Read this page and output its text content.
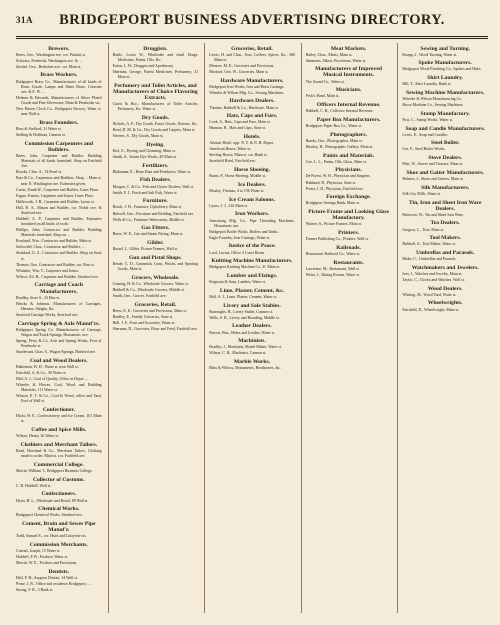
31A	BRIDGEPORT BUSINESS ADVERTISING DIRECTORY.
Brewers.
Beers, Geo., Washington ave. cor. Pulaski st.
Schwarz, Frederick, Washington ave. & ...
Strobel, Geo., Berkshire ave. cor. Main st.
Brass Workers.
Bridgeport Brass Co., Manufacturers of all kinds of Brass Goods, Lamps and Sheet Brass, Crescent ave. & E. W. ...
Holmes & Edwards, Manufacturers of Silver Plated Goods and Fine Silverware, Main & Pembroke sts.
New Haven Clock Co., Bridgeport Factory, Water st. near Wall st.
Brass Founders.
Boss & Stafford, 31 Water st.
Stelling & Hoffman, Cannon st.
Commission Carpenters and Builders.
Beers, John, Carpenter and Builder. Building Materials of all kinds furnished. Shop on Fairfield Ave.
Brooks, Chas. A., 14 Pearl st.
Burr & Co., Carpenters and Builders. Shop ... Main st. near N. Washington ave. Estimates given.
Curtis, Frank W., Carpenter and Builder, Lines Place.
Fagan, Francis, Carpenter and Joiner, Lines Place.
Hallsworth, J. B., Carpenter and Builder, Lyons st.
Hall, R. A., Mason and Builder, cor. Noble ave. & Stratford ave.
Hubbell, A. P., Carpenter and Builder, Estimates furnished on all kinds of work.
Phillips, John, Contractor and Builder. Building Materials furnished. Shop on ...
Rowland, Wm., Contractor and Builder, Main st.
Soltwedel, Chas., Contractor and Builder, ...
Stoddard, G. Z., Contractor and Builder, Shop on State st.
Thomas, Geo. Contractor and Builder, cor. Pine st.
Whitaker, Wm. T., Carpenter and Joiner.
Wilcox, Ed. H., Carpenter and Builder, Stratford ave.
Carriage and Coach Manufacturers.
Bradley, Jesse S., 23 Elm st.
Hincks & Johnson, Manufacturers of Carriages, Harness, Sleighs, &c.
Stratford Carriage Works, Stratford ave.
Carriage Spring & Axle Manuf'rs.
Bridgeport Spring Co. Manufacturers of Carriage, Wagon and Truck Springs, Housatonic ave.
Spring, Perry & Co. Axle and Spring Works, Foot of Pembroke st.
Sturdevant, Chas. S., Wagon Springs, Hartford ave.
Coal and Wood Dealers.
Blakeman, W. H., Water st. near Wall st.
Fairchild, A. & Co., 50 Water st.
Hall, A. J., Coal of Quality, Office at Depot ...
Wheeler & Howes, Coal, Wood and Building Materials, 111 Water st.
Winton, E. T. & Co., Coal & Wood, office and Yard, Foot of Wall st.
Confectioner.
Hicks, H. E., Confectionery and Ice Cream, 101 Main st.
Coffee and Spice Mills.
Wilson, Henry, 26 Water st.
Clothiers and Merchant Tailors.
Read, Howland & Co., Merchant Tailors, Clothing made to order. Main st. cor. Fairfield ave.
Commercial College.
Martin, William T., Bridgeport Business College.
Collector of Customs.
C. B. Hubbell, Wall st.
Confectioners.
Hyatt, H. L., Wholesale and Retail, 88 Wall st.
Chemical Works.
Bridgeport Chemical Works, Stratford ave.
Cement, Brain and Sewer Pipe Manuf'r.
Todd, Samuel S., cor. Hurd and Lafayette sts.
Commission Merchants.
Conrad, Joseph, 15 Water st.
Hubbell, P. B., Produce, Water st.
Merritt, W. E., Produce and Provisions.
Dentists.
Hall, F. H., Surgeon Dentist, 14 Wall st.
Pease, J. B., Office and residence Bridgeport; ...
Strong, F. R., 3 Bank st.
Druggists.
Bartle, Lewis W., Wholesale and retail Drugs, Medicines, Paints, Oils, &c.
Eaton, L. W., Druggist and Apothecary.
Sherman, George, Patent Medicines, Perfumery, 21 Main st.
Perfumery and Toilet Articles, and Manufacturers of Choice Flavoring Extracts.
Curtis & Bro., Manufacturers of Toilet Articles, Perfumery, &c. Water st.
Dry Goods.
Nichols, A. P., Dry Goods, Fancy Goods, Notions, &c.
Read, D. M. & Co., Dry Goods and Carpets, Main st.
Stevens, S., Dry Goods, Main st.
Dyeing.
Kiel, E., Dyeing and Cleansing, Main st.
Smith, A., Steam Dye Works, 49 Main st.
Fertilizers.
Blakeman, E., Bone Dust and Fertilizers, Water st.
Fish Dealers.
Morgan, C. & Co., Fish and Oyster Dealers, Wall st.
Smith, F. J., Fresh and Salt Fish, Water st.
Furniture.
Beach, J. W., Furniture, Upholstery, Main st.
Bidwell, Geo., Furniture and Bedding, Fairfield ave.
Wells & Co., Furniture Warerooms, Middle st.
Gas Fitters.
Beers, W. E., Gas and Steam Fitting, Main st.
Gilder.
Russel, J., Gilder, Picture Frames, Wall st.
Gun and Pistol Shops.
Reade, C. D., Gunsmith, Guns, Pistols, and Sporting Goods, Main st.
Grocers, Wholesale.
Corning, H. & Co., Wholesale Grocers, Water st.
Hubbell & Co., Wholesale Grocers, Middle st.
Smith, Geo., Grocer, Fairfield ave.
Groceries, Retail.
Beers, E. E., Groceries and Provisions, Main st.
Bradley, E., Family Groceries, State st.
Hall, J. F., Fruit and Groceries, Water st.
Sherman, D., Groceries, Flour and Feed, Fairfield ave.
Groceries, Retail.
Lewis, H. and Chas., Teas, Coffees, Spices, &c., 300 Main st.
Monroe, M. E., Groceries and Provisions.
Morford, Geo. W., Groceries, Main st.
Hardware Manufacturers.
Bridgeport Iron Works, Iron and Brass Castings.
Wheeler & Wilson Mfg. Co., Sewing Machines.
Hardware Dealers.
Thomas, Hubbell & Co., Hardware, Main st.
Hats, Caps and Furs.
Cook, S., Hats, Caps and Furs, Main st.
Hinman, H., Hats and Caps, State st.
Hotels.
Atlantic Hotel, opp. N. Y. & N. H. Depot.
American House, Water st.
Sterling House, Main st. cor. Bank st.
Stratfield Hotel, Fairfield ave.
Horse Shoeing.
Burns, P., Horse Shoeing, Middle st.
Ice Dealers.
Mosley, Thomas, 4 to 156 Water st.
Ice Cream Saloons.
Lyons, J. J., 216 Main st.
Iron Workers.
Armstrong Mfg. Co., Pipe Threading Machines, Housatonic ave.
Bridgeport Boiler Works, Boilers and Tanks.
Eagle Foundry, Iron Castings, Water st.
Justice of the Peace.
Lord, Lucius, Office 3 Court Room.
Knitting Machine Manufacturers.
Bridgeport Knitting Machine Co., E. Main st.
Lumber and Fixings.
Ferguson & Sons, Lumber, Water st.
Lime, Plaster, Cement, &c.
Hall, A. J., Lime, Plaster, Cement, Water st.
Livery and Sale Stables.
Burroughs, H., Livery Stable, Cannon st.
Wells, S. B., Livery and Boarding, Middle st.
Leather Dealers.
Parrott, Wm., Hides and Leather, Water st.
Machinists.
Bradley, J., Machinist, Model Maker, Water st.
Wilson, C. R., Machinist, Cannon st.
Marble Works.
Bliss & Wilcox, Monuments, Headstones, &c.
Meat Markets.
Bailey, Chas., Meats, Main st.
Simmons, Albert, Provisions, Water st.
Manufacturers of Improved Musical Instruments.
The Sound Co., Water st.
Musicians.
Peck's Band, Main st.
Officers Internal Revenue.
Hubbell, C. B., Collector Internal Revenue.
Paper Box Manufacturers.
Bridgeport Paper Box Co., Water st.
Photographers.
Bundy, Geo., Photographer, Main st.
Hawley, H., Photographic Gallery, Main st.
Paints and Materials.
Coe, L. L., Paints, Oils, Glass, Main st.
Physicians.
De Forest, W. H., Physician and Surgeon.
Hubbard, R., Physician, State st.
Porter, I. D., Physician, Fairfield ave.
Foreign Exchange.
Bridgeport Savings Bank, Main st.
Picture Frame and Looking Glass Manufactory.
Warner, S., Picture Frames, Main st.
Printers.
Farmer Publishing Co., Printers, Wall st.
Railroads.
Housatonic Railroad Co., Water st.
Restaurants.
Lawrence, M., Restaurant, Wall st.
Weiss, J., Dining Rooms, Water st.
Sewing and Turning.
Knapp, J., Wood Turning, Water st.
Spoke Manufacturers.
Bridgeport Wood Finishing Co., Spokes and Hubs.
Shirt Laundry.
Hill, T., Shirt Laundry, Bank st.
Sewing Machine Manufacturers.
Wheeler & Wilson Manufacturing Co.
Howe Machine Co., Sewing Machines.
Stamp Manufactory.
Post, C., Stamp Works, Water st.
Soap and Candle Manufacturers.
Lewis, E., Soap and Candles.
Steel Boiler.
Lee, F., Steel Boiler Works.
Stove Dealers.
Platt, W., Stoves and Tinware, Main st.
Shoe and Gaiter Manufacturers.
Holmes, J., Shoes and Gaiters, Main st.
Silk Manufacturers.
Silk City Mills, Water st.
Tin, Iron and Sheet Iron Ware Dealers.
Patterson, W., Tin and Sheet Iron Ware.
Tea Dealers.
Gregory, L., Teas, Main st.
Tool Makers.
Hubbell, A., Tool Maker, Water st.
Umbrellas and Parasols.
Blake, C., Umbrellas and Parasols.
Watchmakers and Jewelers.
Ives, J., Watches and Jewelry, Main st.
Taylor, C., Clocks and Watches, Wall st.
Wood Dealers.
Whiting, M., Wood Yard, Water st.
Wheelwrights.
Fairchild, D., Wheelwright, Main st.
